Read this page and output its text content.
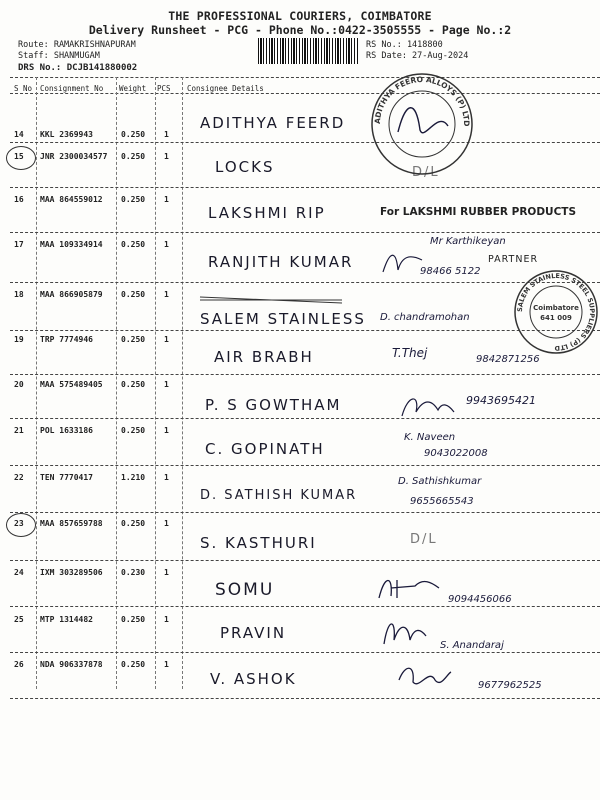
THE PROFESSIONAL COURIERS, COIMBATORE
Delivery Runsheet - PCG - Phone No.:0422-3505555 - Page No.:2
Route: RAMAKRISHNAPURAM
Staff: SHANMUGAM
DRS No.: DCJB141880002
RS No.: 1418800
RS Date: 27-Aug-2024
S No Consignment No Weight PCS Consignee Details
14 KKL 2369943	0.250 1
ADITHYA FEERD
15 JNR 2300034577 0.250 1
LOCKS	D/L
16 MAA 864559012 0.250 1
LAKSHMI RIP	For LAKSHMI RUBBER PRODUCTS
17 MAA 109334914 0.250 1
RANJITH KUMAR
Mr Karthikeyan
PARTNER
98466 5122
18 MAA 866905879 0.250 1
SALEM STAINLESS D. chandramohan
19 TRP 7774946	0.250 1
AIR BRABH	T.Thej	9842871256
20 MAA 575489405 0.250 1
P. S GOWTHAM	9943695421
21 POL 1633186	0.250 1
C. GOPINATH
K. Naveen
9043022008
22 TEN 7770417	1.210 1
D. SATHISH KUMAR
D. Sathishkumar
9655665543
23 MAA 857659788 0.250 1
S. KASTHURI	D/L
24 IXM 303289506 0.230 1
SOMU	9094456066
25 MTP 1314482	0.250 1
PRAVIN
S. Anandaraj
26 NDA 906337878 0.250 1
V. ASHOK	9677962525
ADITHYA FEERO ALLOYS (P) LTD
SALEM STAINLESS STEEL SUPPLIERS (P) LTD
Coimbatore
641 009
